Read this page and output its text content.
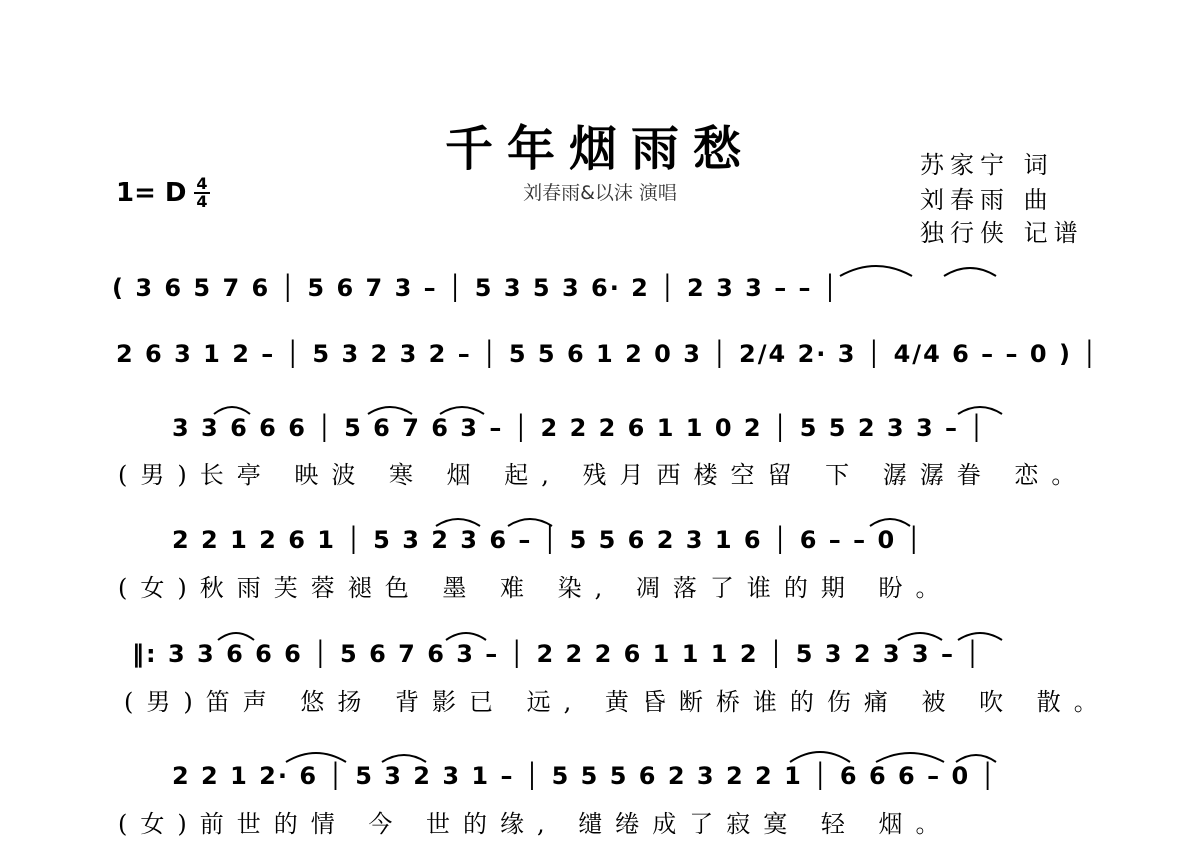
千年烟雨愁
刘春雨&以沫 演唱
苏家宁 词
刘春雨 曲
独行侠 记谱
1= D $\frac{4}{4}$
( 3 6 5 7 6 │ 5 6 7 3 – │ 5 3 5 3 6· 2 │ 2 3 3 – – │
2 6 3 1 2 – │ 5 3 2 3 2 – │ 5 5 6 1 2 0 3 │ 2/4 2· 3 │ 4/4 6 – – 0 ) │
3 3 6 6 6 │ 5 6 7 6 3 – │ 2 2 2 6 1 1 0 2 │ 5 5 2 3 3 – │
(男)长亭 映波 寒 烟 起, 残月西楼空留 下 潺潺眷 恋。
2 2 1 2 6 1 │ 5 3 2 3 6 – │ 5 5 6 2 3 1 6 │ 6 – – 0 │
(女)秋雨芙蓉褪色 墨 难 染, 凋落了谁的期 盼。
‖: 3 3 6 6 6 │ 5 6 7 6 3 – │ 2 2 2 6 1 1 1 2 │ 5 3 2 3 3 – │
(男)笛声 悠扬 背影已 远, 黄昏断桥谁的伤痛 被 吹 散。
2 2 1 2· 6 │ 5 3 2 3 1 – │ 5 5 5 6 2 3 2 2 1 │ 6 6 6 – 0 │
(女)前世的情 今 世的缘, 缱绻成了寂寞 轻 烟。
